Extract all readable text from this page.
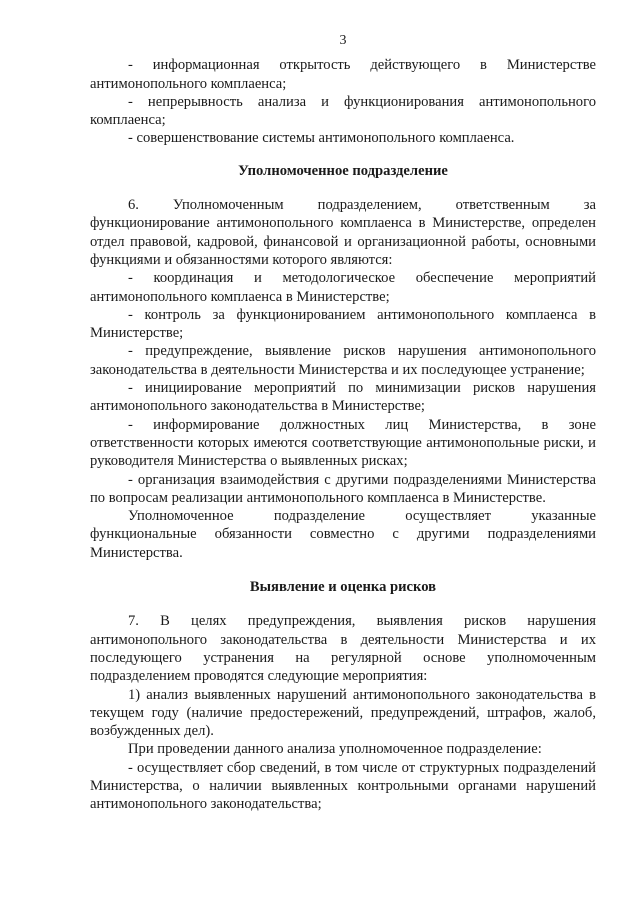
3

- информационная открытость действующего в Министерстве антимонопольного комплаенса;

- непрерывность анализа и функционирования антимонопольного комплаенса;

- совершенствование системы антимонопольного комплаенса.

Уполномоченное подразделение

6. Уполномоченным подразделением, ответственным за функционирование антимонопольного комплаенса в Министерстве, определен отдел правовой, кадровой, финансовой и организационной работы, основными функциями и обязанностями которого являются:

- координация и методологическое обеспечение мероприятий антимонопольного комплаенса в Министерстве;

- контроль за функционированием антимонопольного комплаенса в Министерстве;

- предупреждение, выявление рисков нарушения антимонопольного законодательства в деятельности Министерства и их последующее устранение;

- инициирование мероприятий по минимизации рисков нарушения антимонопольного законодательства в Министерстве;

- информирование должностных лиц Министерства, в зоне ответственности которых имеются соответствующие антимонопольные риски, и руководителя Министерства о выявленных рисках;

- организация взаимодействия с другими подразделениями Министерства по вопросам реализации антимонопольного комплаенса в Министерстве.

Уполномоченное подразделение осуществляет указанные функциональные обязанности совместно с другими подразделениями Министерства.

Выявление и оценка рисков

7. В целях предупреждения, выявления рисков нарушения антимонопольного законодательства в деятельности Министерства и их последующего устранения на регулярной основе уполномоченным подразделением проводятся следующие мероприятия:

1) анализ выявленных нарушений антимонопольного законодательства в текущем году (наличие предостережений, предупреждений, штрафов, жалоб, возбужденных дел).

При проведении данного анализа уполномоченное подразделение:

- осуществляет сбор сведений, в том числе от структурных подразделений Министерства, о наличии выявленных контрольными органами нарушений антимонопольного законодательства;
